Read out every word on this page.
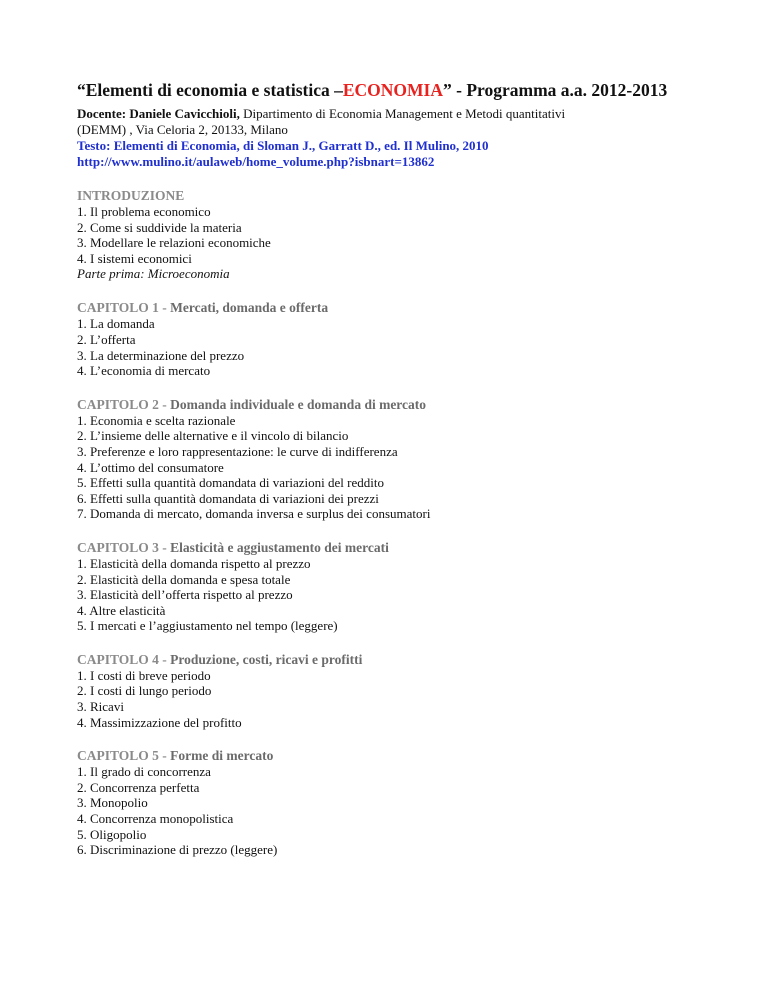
“Elementi di economia e statistica –ECONOMIA” - Programma a.a. 2012-2013

Docente: Daniele Cavicchioli, Dipartimento di Economia Management e Metodi quantitativi

(DEMM) , Via Celoria 2, 20133, Milano

Testo: Elementi di Economia, di Sloman J., Garratt D., ed. Il Mulino, 2010

http://www.mulino.it/aulaweb/home_volume.php?isbnart=13862

INTRODUZIONE
1. Il problema economico
2. Come si suddivide la materia
3. Modellare le relazioni economiche
4. I sistemi economici
Parte prima: Microeconomia
CAPITOLO 1 - Mercati, domanda e offerta
1. La domanda
2. L’offerta
3. La determinazione del prezzo
4. L’economia di mercato
CAPITOLO 2 - Domanda individuale e domanda di mercato
1. Economia e scelta razionale
2. L’insieme delle alternative e il vincolo di bilancio
3. Preferenze e loro rappresentazione: le curve di indifferenza
4. L’ottimo del consumatore
5. Effetti sulla quantità domandata di variazioni del reddito
6. Effetti sulla quantità domandata di variazioni dei prezzi
7. Domanda di mercato, domanda inversa e surplus dei consumatori
CAPITOLO 3 - Elasticità e aggiustamento dei mercati
1. Elasticità della domanda rispetto al prezzo
2. Elasticità della domanda e spesa totale
3. Elasticità dell’offerta rispetto al prezzo
4. Altre elasticità
5. I mercati e l’aggiustamento nel tempo (leggere)
CAPITOLO 4 - Produzione, costi, ricavi e profitti
1. I costi di breve periodo
2. I costi di lungo periodo
3. Ricavi
4. Massimizzazione del profitto
CAPITOLO 5 - Forme di mercato
1. Il grado di concorrenza
2. Concorrenza perfetta
3. Monopolio
4. Concorrenza monopolistica
5. Oligopolio
6. Discriminazione di prezzo (leggere)
